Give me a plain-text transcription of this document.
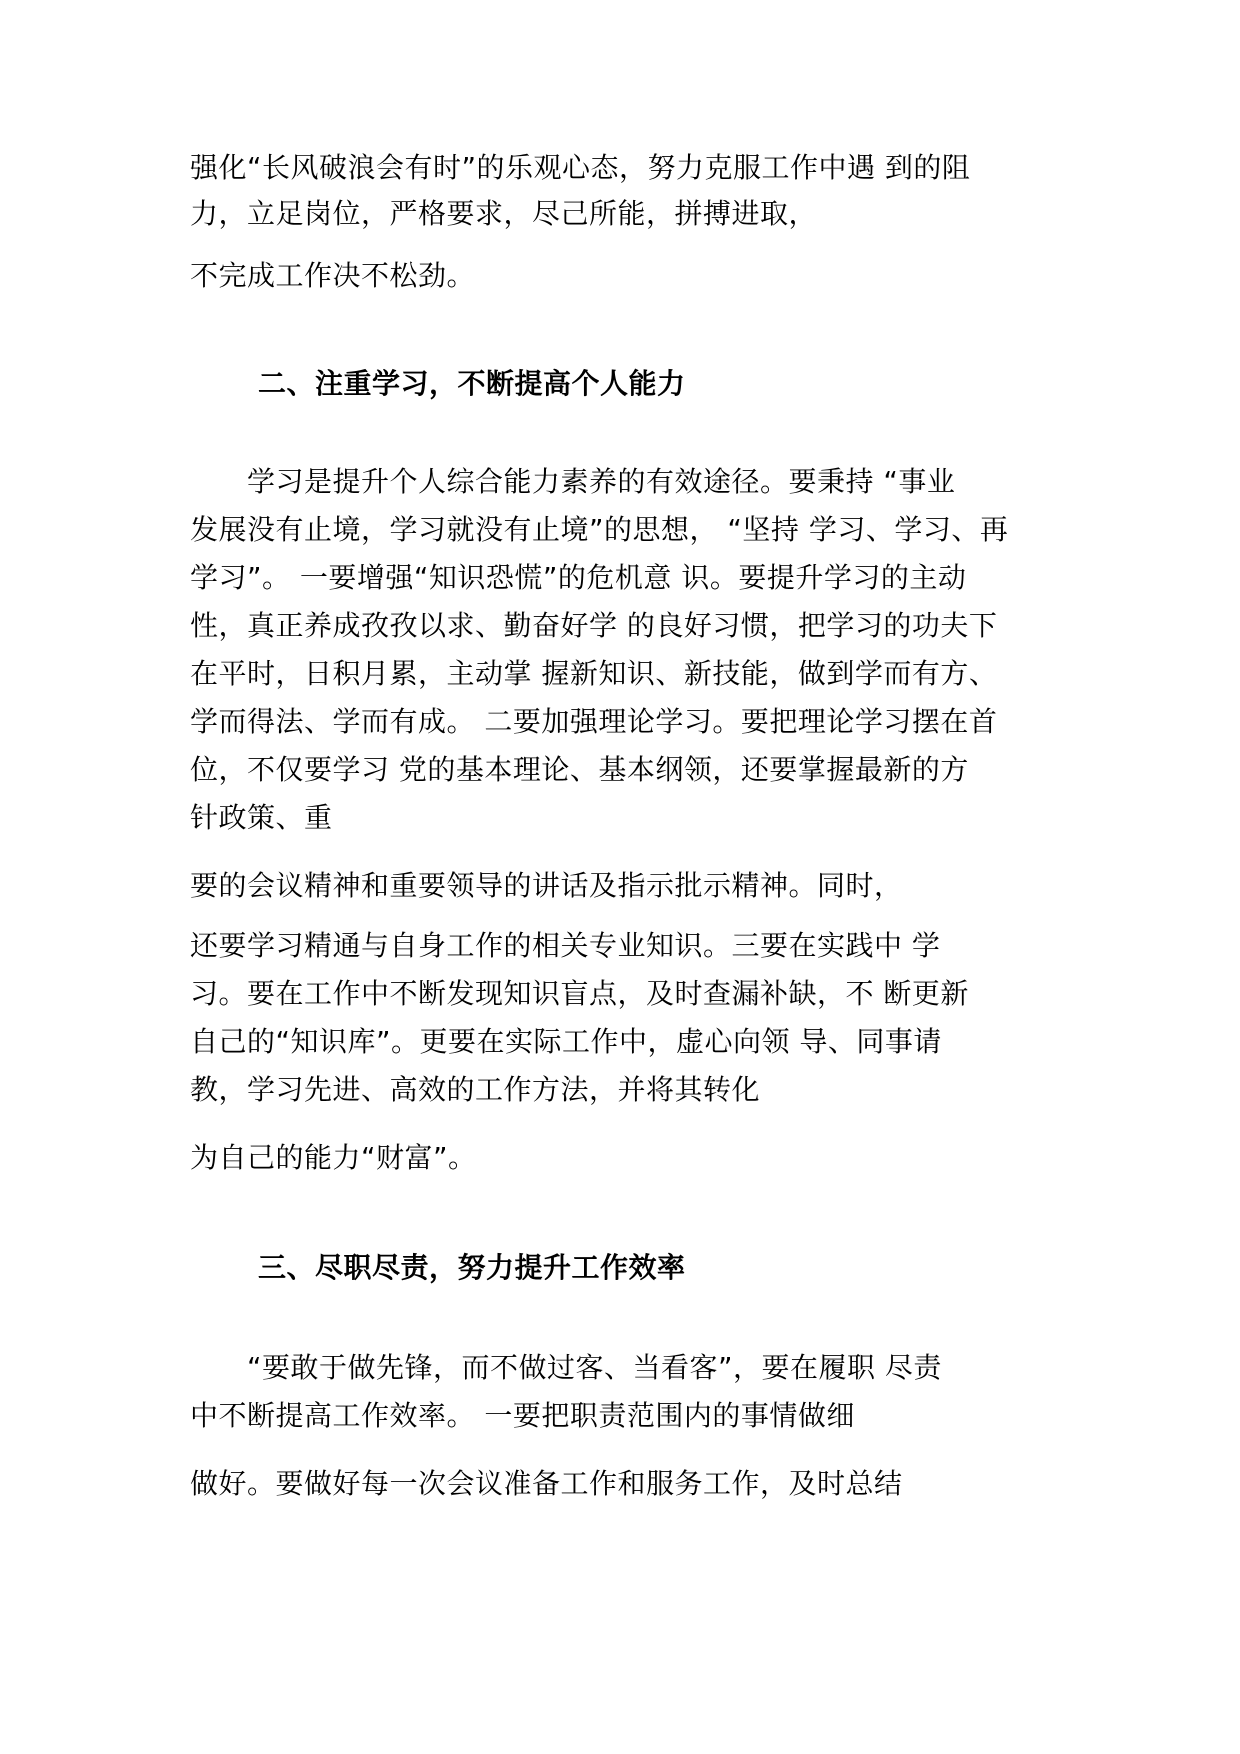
强化“长风破浪会有时”的乐观心态，努力克服工作中遇 到的阻
力，立足岗位，严格要求，尽己所能，拼搏进取，
不完成工作决不松劲。
二、注重学习，不断提高个人能力
　　学习是提升个人综合能力素养的有效途径。要秉持 “事业
发展没有止境，学习就没有止境”的思想， “坚持 学习、学习、再
学习”。 一要增强“知识恐慌”的危机意 识。要提升学习的主动
性，真正养成孜孜以求、勤奋好学 的良好习惯，把学习的功夫下
在平时，日积月累，主动掌 握新知识、新技能，做到学而有方、
学而得法、学而有成。 二要加强理论学习。要把理论学习摆在首
位，不仅要学习 党的基本理论、基本纲领，还要掌握最新的方
针政策、重
要的会议精神和重要领导的讲话及指示批示精神。同时，
还要学习精通与自身工作的相关专业知识。三要在实践中 学
习。要在工作中不断发现知识盲点，及时查漏补缺，不 断更新
自己的“知识库”。更要在实际工作中，虚心向领 导、同事请
教，学习先进、高效的工作方法，并将其转化
为自己的能力“财富”。
三、尽职尽责，努力提升工作效率
　　“要敢于做先锋，而不做过客、当看客”，要在履职 尽责
中不断提高工作效率。 一要把职责范围内的事情做细
做好。要做好每一次会议准备工作和服务工作，及时总结
